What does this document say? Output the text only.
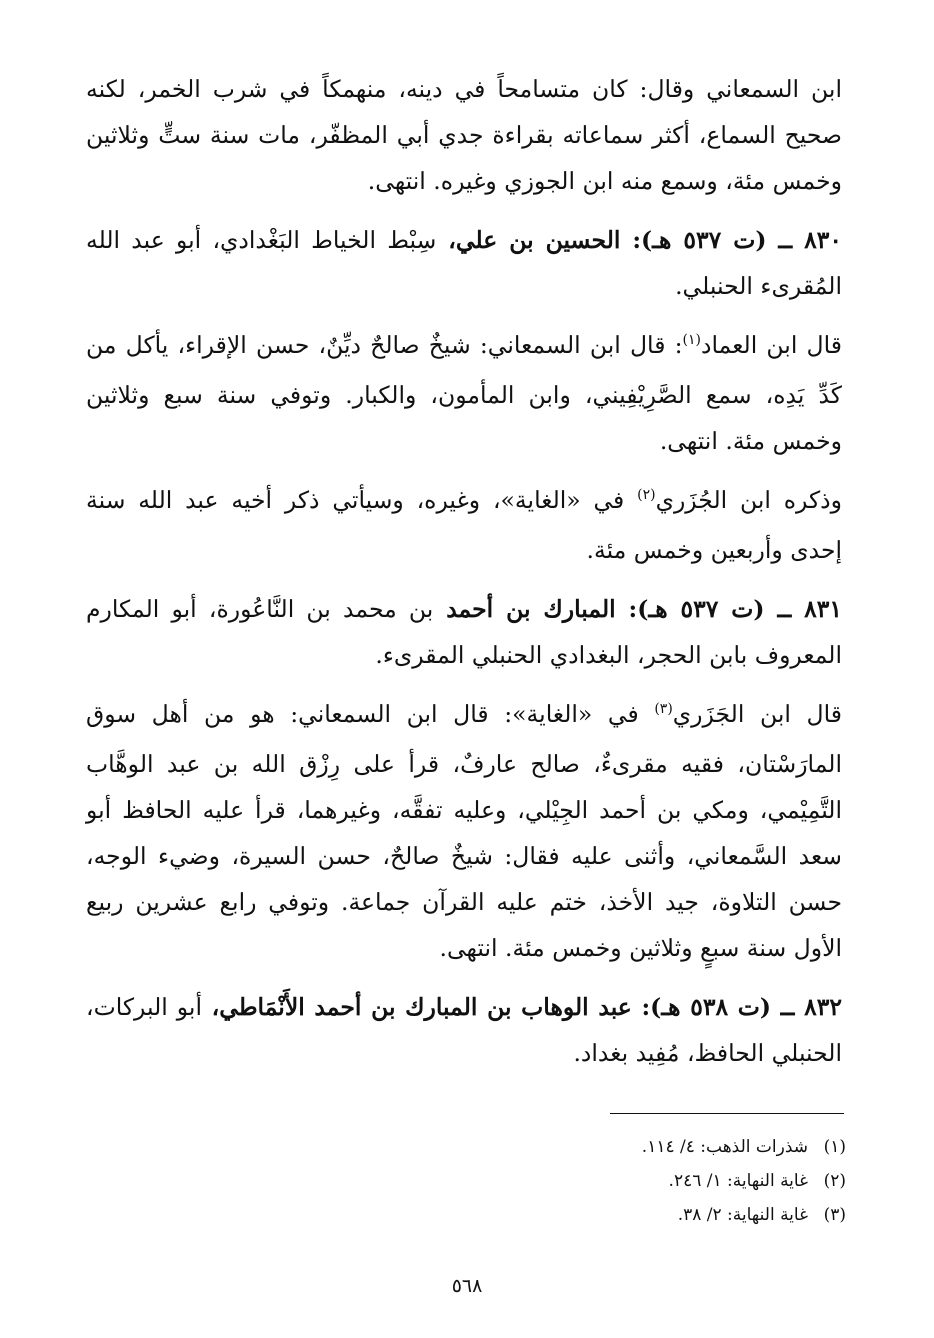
ابن السمعاني وقال: كان متسامحاً في دينه، منهمكاً في شرب الخمر، لكنه صحيح السماع، أكثر سماعاته بقراءة جدي أبي المظفّر، مات سنة ستٍّ وثلاثين وخمس مئة، وسمع منه ابن الجوزي وغيره. انتهى.

٨٣٠ ــ (ت ٥٣٧ هـ): الحسين بن علي، سِبْط الخياط البَغْدادي، أبو عبد الله المُقرىء الحنبلي.

قال ابن العماد$^{(١)}$: قال ابن السمعاني: شيخٌ صالحٌ ديِّنٌ، حسن الإقراء، يأكل من كَدِّ يَدِه، سمع الصَّرِيْفِيني، وابن المأمون، والكبار. وتوفي سنة سبع وثلاثين وخمس مئة. انتهى.

وذكره ابن الجُزَري$^{(٢)}$ في «الغاية»، وغيره، وسيأتي ذكر أخيه عبد الله سنة إحدى وأربعين وخمس مئة.

٨٣١ ــ (ت ٥٣٧ هـ): المبارك بن أحمد بن محمد بن النَّاعُورة، أبو المكارم المعروف بابن الحجر، البغدادي الحنبلي المقرىء.

قال ابن الجَزَري$^{(٣)}$ في «الغاية»: قال ابن السمعاني: هو من أهل سوق المارَسْتان، فقيه مقرىءٌ، صالح عارفٌ، قرأ على رِزْق الله بن عبد الوهَّاب التَّمِيْمي، ومكي بن أحمد الجِيْلي، وعليه تفقَّه، وغيرهما، قرأ عليه الحافظ أبو سعد السَّمعاني، وأثنى عليه فقال: شيخٌ صالحٌ، حسن السيرة، وضيء الوجه، حسن التلاوة، جيد الأخذ، ختم عليه القرآن جماعة. وتوفي رابع عشرين ربيع الأول سنة سبعٍ وثلاثين وخمس مئة. انتهى.

٨٣٢ ــ (ت ٥٣٨ هـ): عبد الوهاب بن المبارك بن أحمد الأَنْمَاطي، أبو البركات، الحنبلي الحافظ، مُفِيد بغداد.

(١)شذرات الذهب: ٤/ ١١٤.
(٢)غاية النهاية: ١/ ٢٤٦.
(٣)غاية النهاية: ٢/ ٣٨.
٥٦٨
